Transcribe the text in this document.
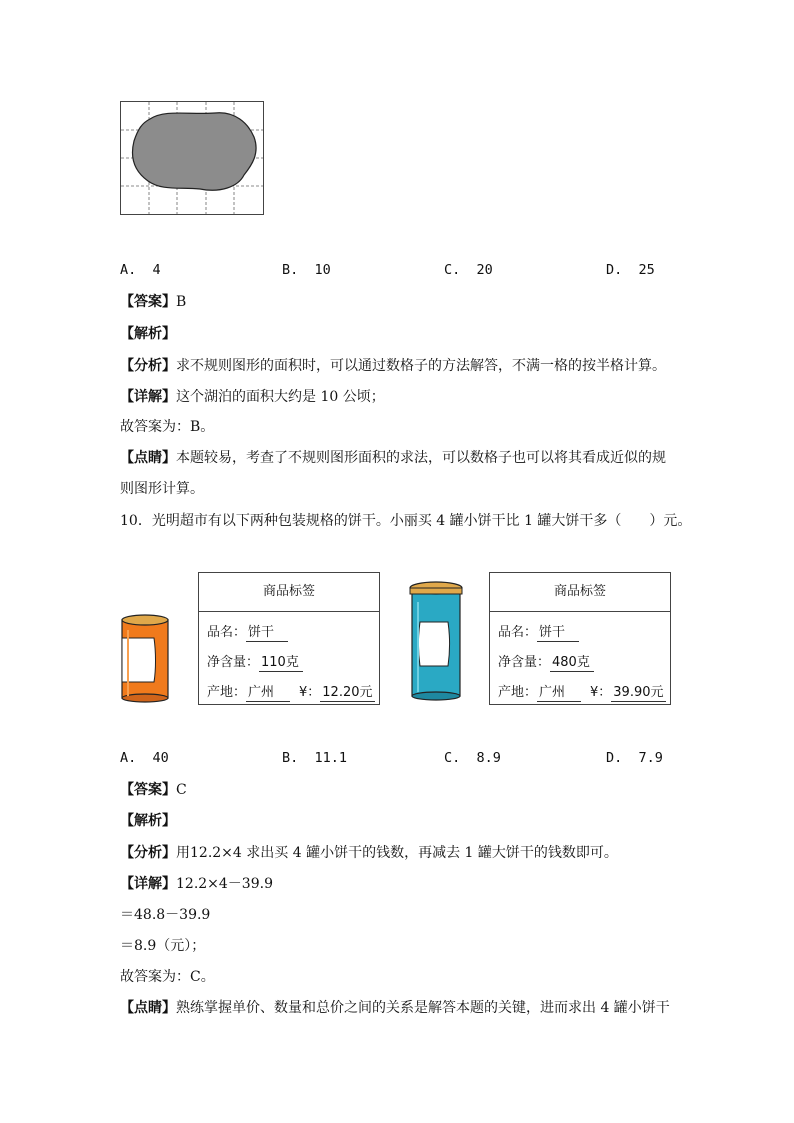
A. 4	B. 10	C. 20	D. 25
【答案】B
【解析】
【分析】求不规则图形的面积时，可以通过数格子的方法解答，不满一格的按半格计算。
【详解】这个湖泊的面积大约是 10 公顷；
故答案为：B。
【点睛】本题较易，考查了不规则图形面积的求法，可以数格子也可以将其看成近似的规
则图形计算。
10．光明超市有以下两种包装规格的饼干。小丽买 4 罐小饼干比 1 罐大饼干多（　　）元。
商品标签
品名： 饼干
净含量： 110克
产地： 广州	¥： 12.20元
商品标签
品名： 饼干
净含量： 480克
产地： 广州	¥： 39.90元
A. 40	B. 11.1	C. 8.9	D. 7.9
【答案】C
【解析】
【分析】用12.2×4 求出买 4 罐小饼干的钱数，再减去 1 罐大饼干的钱数即可。
【详解】12.2×4－39.9
＝48.8－39.9
＝8.9（元）；
故答案为：C。
【点睛】熟练掌握单价、数量和总价之间的关系是解答本题的关键，进而求出 4 罐小饼干
